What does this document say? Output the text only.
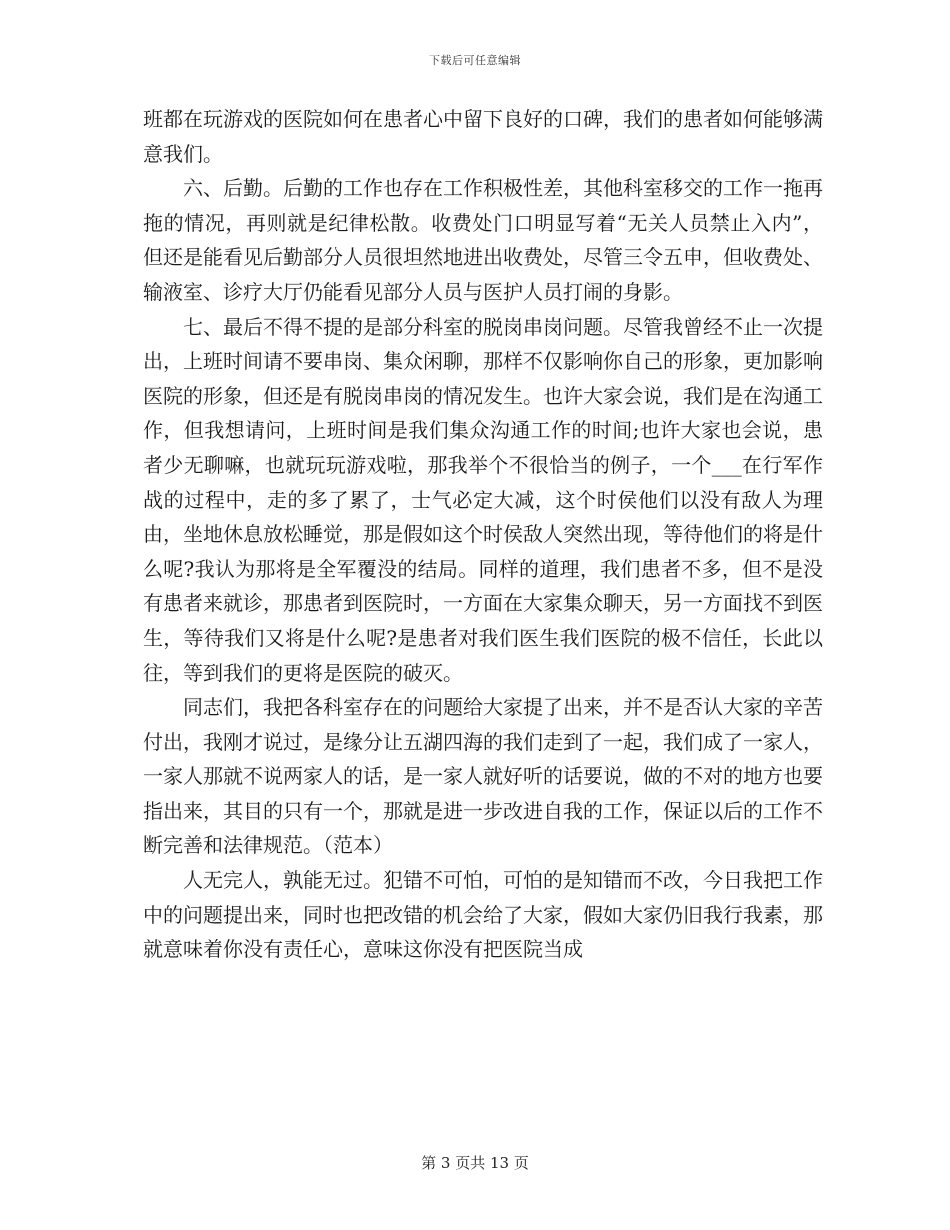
下载后可任意编辑

班都在玩游戏的医院如何在患者心中留下良好的口碑，我们的患者如何能够满意我们。

六、后勤。后勤的工作也存在工作积极性差，其他科室移交的工作一拖再拖的情况，再则就是纪律松散。收费处门口明显写着“无关人员禁止入内”，但还是能看见后勤部分人员很坦然地进出收费处，尽管三令五申，但收费处、输液室、诊疗大厅仍能看见部分人员与医护人员打闹的身影。

七、最后不得不提的是部分科室的脱岗串岗问题。尽管我曾经不止一次提出，上班时间请不要串岗、集众闲聊，那样不仅影响你自己的形象，更加影响医院的形象，但还是有脱岗串岗的情况发生。也许大家会说，我们是在沟通工作，但我想请问，上班时间是我们集众沟通工作的时间;也许大家也会说，患者少无聊嘛，也就玩玩游戏啦，那我举个不很恰当的例子，一个___在行军作战的过程中，走的多了累了，士气必定大减，这个时侯他们以没有敌人为理由，坐地休息放松睡觉，那是假如这个时侯敌人突然出现，等待他们的将是什么呢?我认为那将是全军覆没的结局。同样的道理，我们患者不多，但不是没有患者来就诊，那患者到医院时，一方面在大家集众聊天，另一方面找不到医生，等待我们又将是什么呢?是患者对我们医生我们医院的极不信任，长此以往，等到我们的更将是医院的破灭。

同志们，我把各科室存在的问题给大家提了出来，并不是否认大家的辛苦付出，我刚才说过，是缘分让五湖四海的我们走到了一起，我们成了一家人，一家人那就不说两家人的话，是一家人就好听的话要说，做的不对的地方也要指出来，其目的只有一个，那就是进一步改进自我的工作，保证以后的工作不断完善和法律规范。（范本）

人无完人，孰能无过。犯错不可怕，可怕的是知错而不改，今日我把工作中的问题提出来，同时也把改错的机会给了大家，假如大家仍旧我行我素，那就意味着你没有责任心，意味这你没有把医院当成

第 3 页共 13 页
